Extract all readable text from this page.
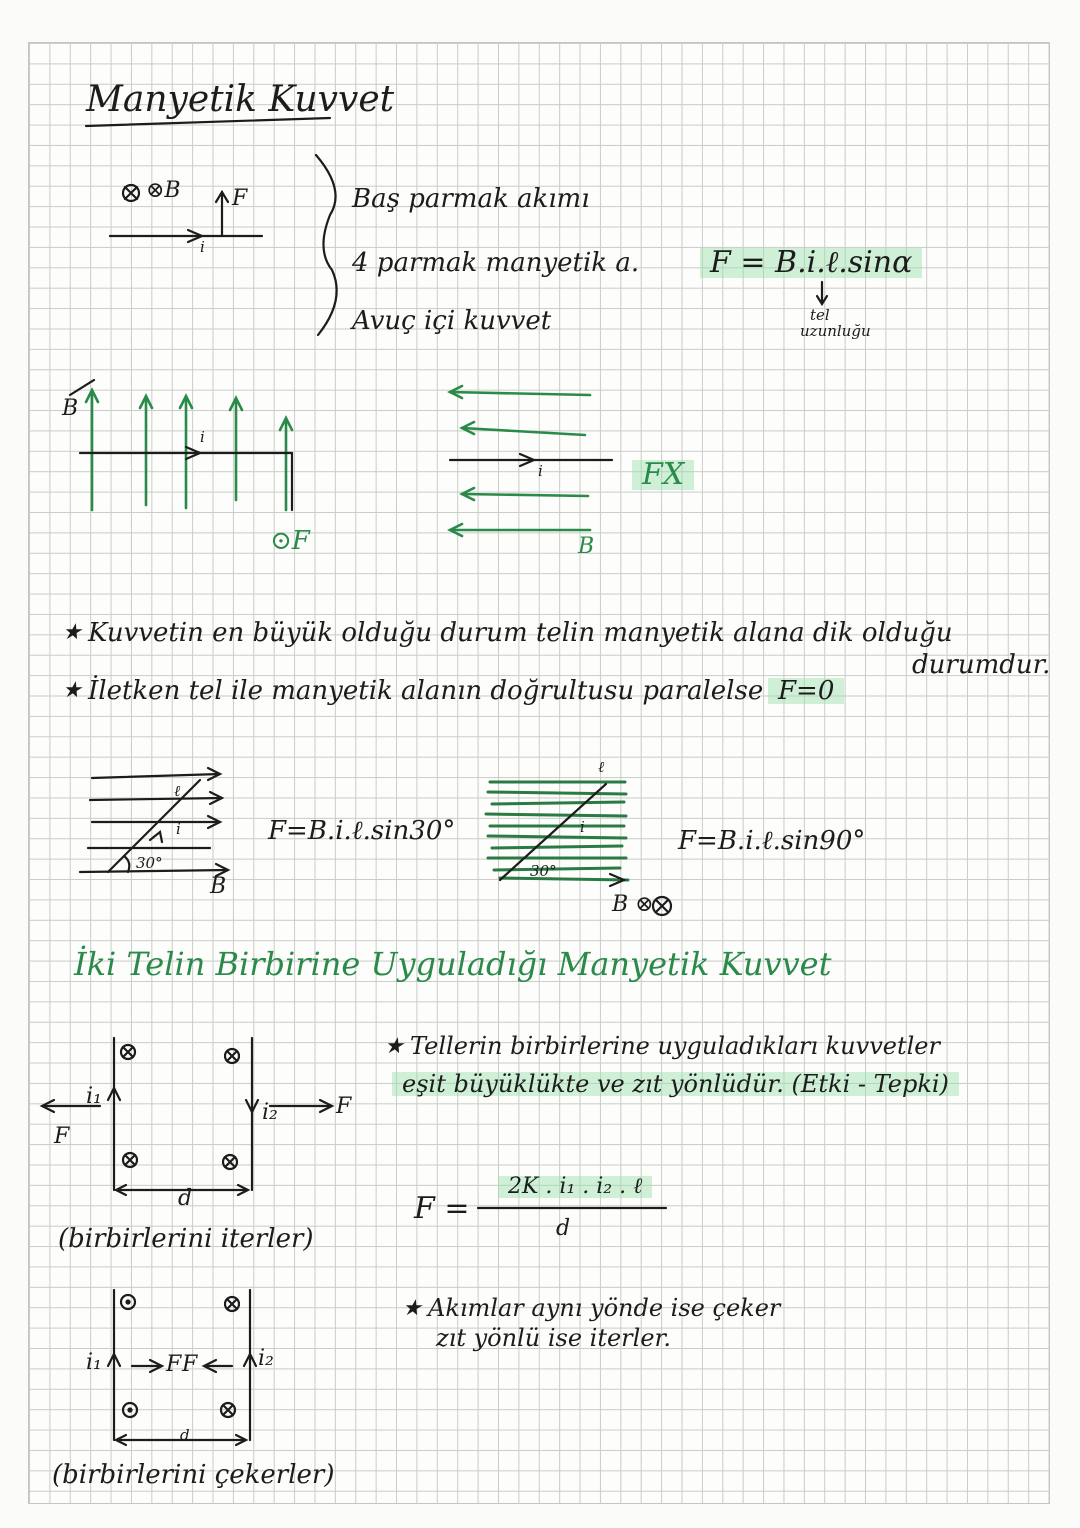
Manyetik Kuvvet
⊗B F
i
Baş parmak akımı
4 parmak manyetik a.
Avuç içi kuvvet
F = B.i.ℓ.sinα
tel
uzunluğu
B
i
⊙F
i
B
FX
★ Kuvvetin en büyük olduğu durum telin manyetik alana dik olduğu
durumdur.
★ İletken tel ile manyetik alanın doğrultusu paralelse F=0
ℓ
i
30°
B
F=B.i.ℓ.sin30°
ℓ
i
30°
B ⊗
F=B.i.ℓ.sin90°
İki Telin Birbirine Uyguladığı Manyetik Kuvvet
i₁
i₂
F
F
d
(birbirlerini iterler)
i₁	i₂
F F
d
(birbirlerini çekerler)
★ Tellerin birbirlerine uyguladıkları kuvvetler
eşit büyüklükte ve zıt yönlüdür. (Etki - Tepki)
F =
2K . i₁ . i₂ . ℓ
d
★ Akımlar aynı yönde ise çeker
zıt yönlü ise iterler.
